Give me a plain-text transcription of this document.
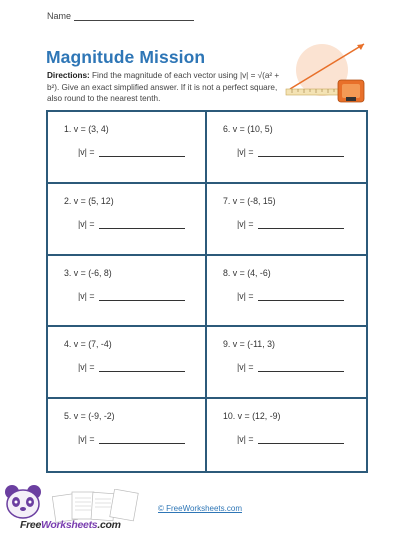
Name
Magnitude Mission
Directions: Find the magnitude of each vector using |v| = √(a² + b²). Give an exact simplified answer. If it is not a perfect square, also round to the nearest tenth.
1. v = (3, 4)
|v| =
6. v = (10, 5)
|v| =
2. v = (5, 12)
|v| =
7. v = (-8, 15)
|v| =
3. v = (-6, 8)
|v| =
8. v = (4, -6)
|v| =
4. v = (7, -4)
|v| =
9. v = (-11, 3)
|v| =
5. v = (-9, -2)
|v| =
10. v = (12, -9)
|v| =
© FreeWorksheets.com
FreeWorksheets.com
